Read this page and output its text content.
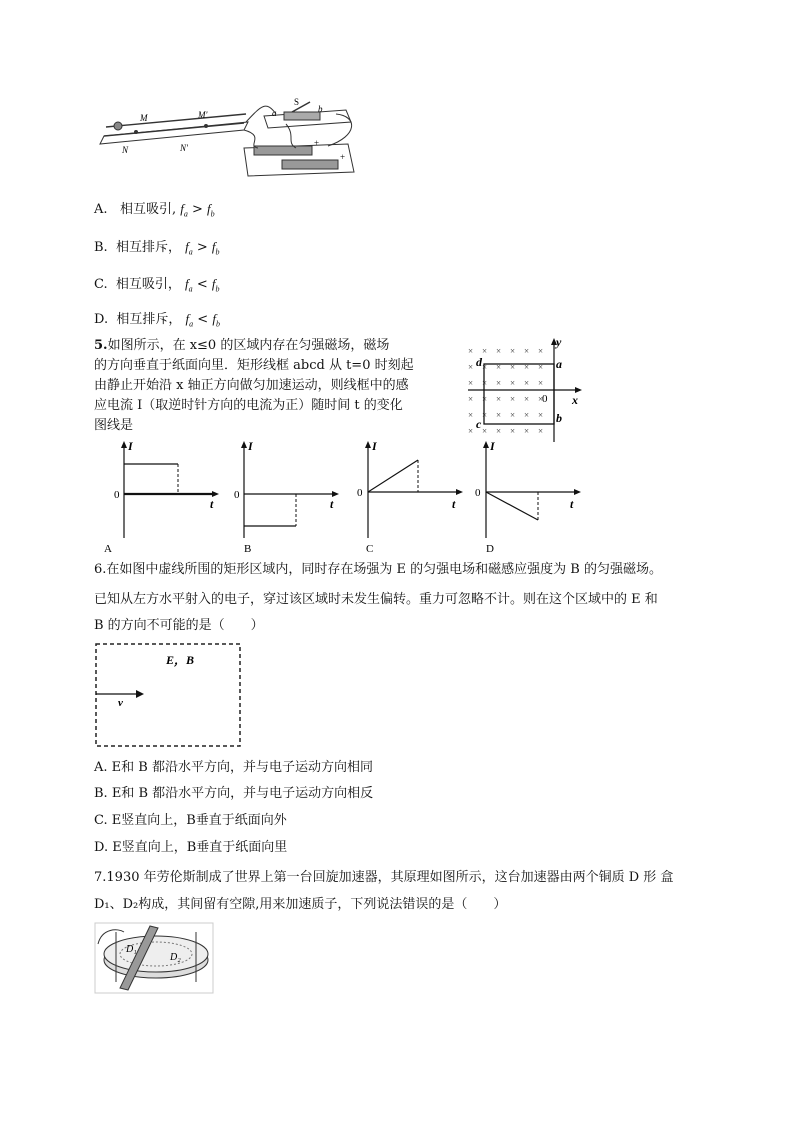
M	M'
N	N'
S
a	b
+
+
A. 相互吸引, $f_a > f_b$
B. 相互排斥， $f_a > f_b$
C. 相互吸引， $f_a < f_b$
D. 相互排斥， $f_a < f_b$
5.如图所示，在 x≤0 的区域内存在匀强磁场，磁场
的方向垂直于纸面向里．矩形线框 abcd 从 t=0 时刻起
由静止开始沿 x 轴正方向做匀加速运动，则线框中的感
应电流 I（取逆时针方向的电流为正）随时间 t 的变化
图线是
× × × × × ×
× × × × × ×
× × × × × ×
× × × × × ×
× × × × × ×
× × × × × ×
y
x
0
a
b
c
d
I
t
0
A
I
t
0
B
I
t
0
C
I
t
0
D
6.在如图中虚线所围的矩形区域内，同时存在场强为 E 的匀强电场和磁感应强度为 B 的匀强磁场。
已知从左方水平射入的电子，穿过该区域时未发生偏转。重力可忽略不计。则在这个区域中的 E 和
B 的方向不可能的是（　　）
E，B
v
A. E和 B 都沿水平方向，并与电子运动方向相同
B. E和 B 都沿水平方向，并与电子运动方向相反
C. E竖直向上，B垂直于纸面向外
D. E竖直向上，B垂直于纸面向里
7.1930 年劳伦斯制成了世界上第一台回旋加速器，其原理如图所示，这台加速器由两个铜质 D 形 盒
D₁、D₂构成，其间留有空隙,用来加速质子，下列说法错误的是（　　）
D₁
D₂
